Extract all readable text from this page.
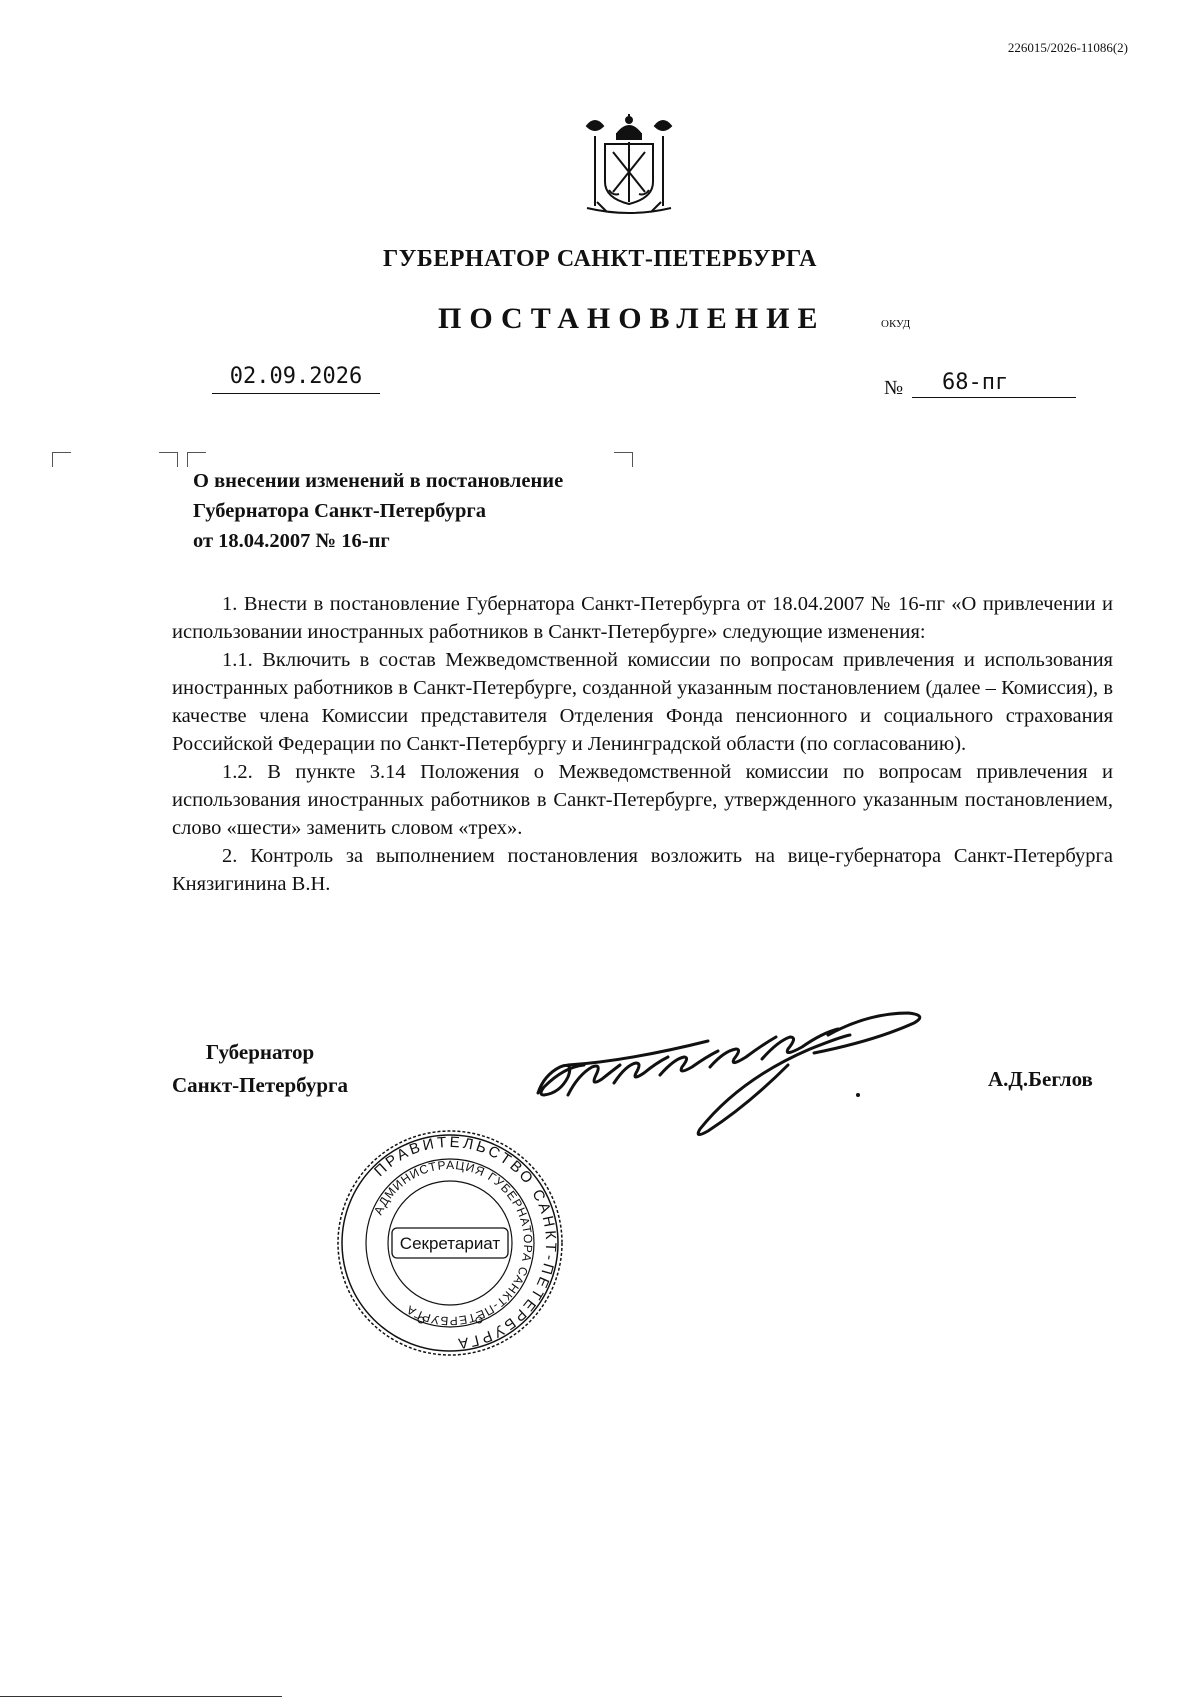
226015/2026-11086(2)
ГУБЕРНАТОР САНКТ-ПЕТЕРБУРГА
ПОСТАНОВЛЕНИЕ	ОКУД
02.09.2026	№	68-пг
О внесении изменений в постановление
Губернатора Санкт-Петербурга
от 18.04.2007 № 16-пг

1. Внести в постановление Губернатора Санкт-Петербурга от 18.04.2007 № 16-пг «О привлечении и использовании иностранных работников в Санкт-Петербурге» следующие изменения:

1.1. Включить в состав Межведомственной комиссии по вопросам привлечения и использования иностранных работников в Санкт-Петербурге, созданной указанным постановлением (далее – Комиссия), в качестве члена Комиссии представителя Отделения Фонда пенсионного и социального страхования Российской Федерации по Санкт-Петербургу и Ленинградской области (по согласованию).

1.2. В пункте 3.14 Положения о Межведомственной комиссии по вопросам привлечения и использования иностранных работников в Санкт-Петербурге, утвержденного указанным постановлением, слово «шести» заменить словом «трех».

2. Контроль за выполнением постановления возложить на вице-губернатора Санкт-Петербурга Князигинина В.Н.

Губернатор
Санкт-Петербурга	А.Д.Беглов
ПРАВИТЕЛЬСТВО САНКТ-ПЕТЕРБУРГА
АДМИНИСТРАЦИЯ ГУБЕРНАТОРА САНКТ-ПЕТЕРБУРГА
Секретариат
